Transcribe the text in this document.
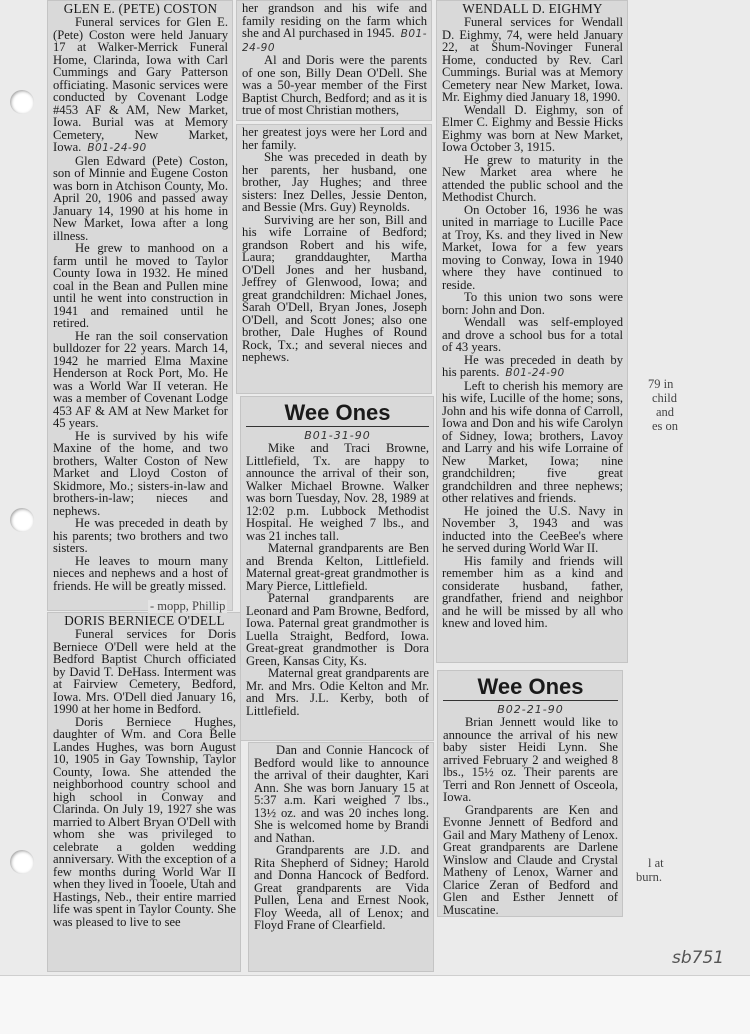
79 in
child
and
es on
l at
burn.
GLEN E. (PETE) COSTON

Funeral services for Glen E. (Pete) Coston were held January 17 at Walker-Merrick Funeral Home, Clarinda, Iowa with Carl Cummings and Gary Patterson officiating. Masonic services were conducted by Covenant Lodge #453 AF & AM, New Market, Iowa. Burial was at Memory Cemetery, New Market, Iowa. B01-24-90

Glen Edward (Pete) Coston, son of Minnie and Eugene Coston was born in Atchison County, Mo. April 20, 1906 and passed away January 14, 1990 at his home in New Market, Iowa after a long illness.

He grew to manhood on a farm until he moved to Taylor County Iowa in 1932. He mined coal in the Bean and Pullen mine until he went into construction in 1941 and remained until he retired.

He ran the soil conservation bulldozer for 22 years. March 14, 1942 he married Elma Maxine Henderson at Rock Port, Mo. He was a World War II veteran. He was a member of Covenant Lodge 453 AF & AM at New Market for 45 years.

He is survived by his wife Maxine of the home, and two brothers, Walter Coston of New Market and Lloyd Coston of Skidmore, Mo.; sisters-in-law and brothers-in-law; nieces and nephews.

He was preceded in death by his parents; two brothers and two sisters.

He leaves to mourn many nieces and nephews and a host of friends. He will be greatly missed.

DORIS BERNIECE O'DELL

Funeral services for Doris Berniece O'Dell were held at the Bedford Baptist Church officiated by David T. DeHass. Interment was at Fairview Cemetery, Bedford, Iowa. Mrs. O'Dell died January 16, 1990 at her home in Bedford.

Doris Berniece Hughes, daughter of Wm. and Cora Belle Landes Hughes, was born August 10, 1905 in Gay Township, Taylor County, Iowa. She attended the neighborhood country school and high school in Conway and Clarinda. On July 19, 1927 she was married to Albert Bryan O'Dell with whom she was privileged to celebrate a golden wedding anniversary. With the exception of a few months during World War II when they lived in Tooele, Utah and Hastings, Neb., their entire married life was spent in Taylor County. She was pleased to live to see

her grandson and his wife and family residing on the farm which she and Al purchased in 1945. B01-24-90

Al and Doris were the parents of one son, Billy Dean O'Dell. She was a 50-year member of the First Baptist Church, Bedford; and as it is true of most Christian mothers,

her greatest joys were her Lord and her family.

She was preceded in death by her parents, her husband, one brother, Jay Hughes; and three sisters: Inez Delles, Jessie Denton, and Bessie (Mrs. Guy) Reynolds.

Surviving are her son, Bill and his wife Lorraine of Bedford; grandson Robert and his wife, Laura; granddaughter, Martha O'Dell Jones and her husband, Jeffrey of Glenwood, Iowa; and great grandchildren: Michael Jones, Sarah O'Dell, Bryan Jones, Joseph O'Dell, and Scott Jones; also one brother, Dale Hughes of Round Rock, Tx.; and several nieces and nephews.

Wee Ones
B01-31-90

Mike and Traci Browne, Littlefield, Tx. are happy to announce the arrival of their son, Walker Michael Browne. Walker was born Tuesday, Nov. 28, 1989 at 12:02 p.m. Lubbock Methodist Hospital. He weighed 7 lbs., and was 21 inches tall.

Maternal grandparents are Ben and Brenda Kelton, Littlefield. Maternal great-great grandmother is Mary Pierce, Littlefield.

Paternal grandparents are Leonard and Pam Browne, Bedford, Iowa. Paternal great grandmother is Luella Straight, Bedford, Iowa. Great-great grandmother is Dora Green, Kansas City, Ks.

Maternal great grandparents are Mr. and Mrs. Odie Kelton and Mr. and Mrs. J.L. Kerby, both of Littlefield.

Dan and Connie Hancock of Bedford would like to announce the arrival of their daughter, Kari Ann. She was born January 15 at 5:37 a.m. Kari weighed 7 lbs., 13½ oz. and was 20 inches long. She is welcomed home by Brandi and Nathan.

Grandparents are J.D. and Rita Shepherd of Sidney; Harold and Donna Hancock of Bedford. Great grandparents are Vida Pullen, Lena and Ernest Nook, Floy Weeda, all of Lenox; and Floyd Frane of Clearfield.

WENDALL D. EIGHMY

Funeral services for Wendall D. Eighmy, 74, were held January 22, at Shum-Novinger Funeral Home, conducted by Rev. Carl Cummings. Burial was at Memory Cemetery near New Market, Iowa. Mr. Eighmy died January 18, 1990.

Wendall D. Eighmy, son of Elmer C. Eighmy and Bessie Hicks Eighmy was born at New Market, Iowa October 3, 1915.

He grew to maturity in the New Market area where he attended the public school and the Methodist Church.

On October 16, 1936 he was united in marriage to Lucille Pace at Troy, Ks. and they lived in New Market, Iowa for a few years moving to Conway, Iowa in 1940 where they have continued to reside.

To this union two sons were born: John and Don.

Wendall was self-employed and drove a school bus for a total of 43 years.

He was preceded in death by his parents. B01-24-90

Left to cherish his memory are his wife, Lucille of the home; sons, John and his wife donna of Carroll, Iowa and Don and his wife Carolyn of Sidney, Iowa; brothers, Lavoy and Larry and his wife Lorraine of New Market, Iowa; nine grandchildren; five great grandchildren and three nephews; other relatives and friends.

He joined the U.S. Navy in November 3, 1943 and was inducted into the CeeBee's where he served during World War II.

His family and friends will remember him as a kind and considerate husband, father, grandfather, friend and neighbor and he will be missed by all who knew and loved him.

Wee Ones
B02-21-90

Brian Jennett would like to announce the arrival of his new baby sister Heidi Lynn. She arrived February 2 and weighed 8 lbs., 15½ oz. Their parents are Terri and Ron Jennett of Osceola, Iowa.

Grandparents are Ken and Evonne Jennett of Bedford and Gail and Mary Matheny of Lenox. Great grandparents are Darlene Winslow and Claude and Crystal Matheny of Lenox, Warner and Clarice Zeran of Bedford and Glen and Esther Jennett of Muscatine.

- mopp, Phillip
sb751
